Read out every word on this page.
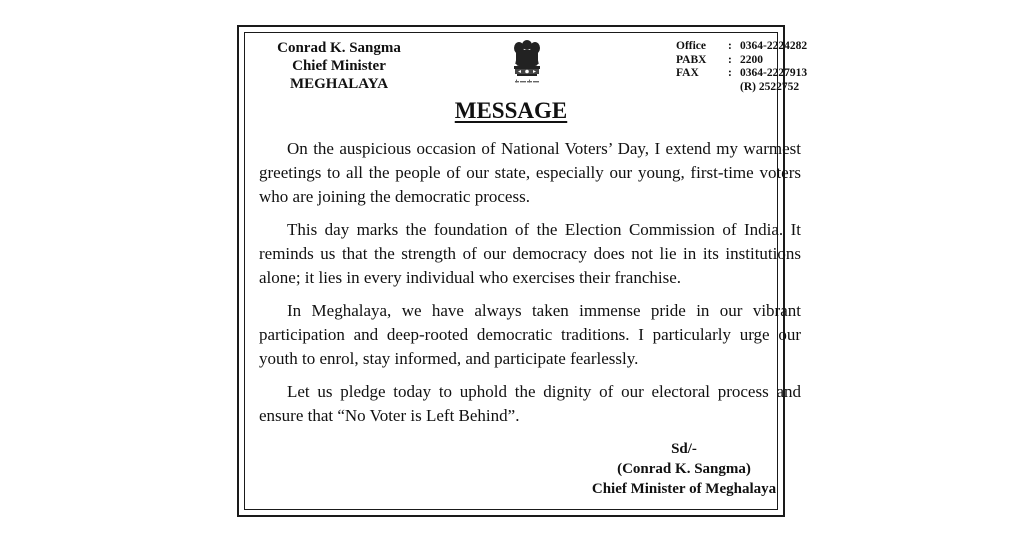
Conrad K. Sangma
Chief Minister
MEGHALAYA
Office	: 0364-2224282
PABX	: 2200
FAX	: 0364-2227913
(R) 2522752
MESSAGE

On the auspicious occasion of National Voters’ Day, I extend my warmest greetings to all the people of our state, especially our young, first-time voters who are joining the democratic process.

This day marks the foundation of the Election Commission of India. It reminds us that the strength of our democracy does not lie in its institutions alone; it lies in every individual who exercises their franchise.

In Meghalaya, we have always taken immense pride in our vibrant participation and deep-rooted democratic traditions. I particularly urge our youth to enrol, stay informed, and participate fearlessly.

Let us pledge today to uphold the dignity of our electoral process and ensure that “No Voter is Left Behind”.

Sd/-
(Conrad K. Sangma)
Chief Minister of Meghalaya
